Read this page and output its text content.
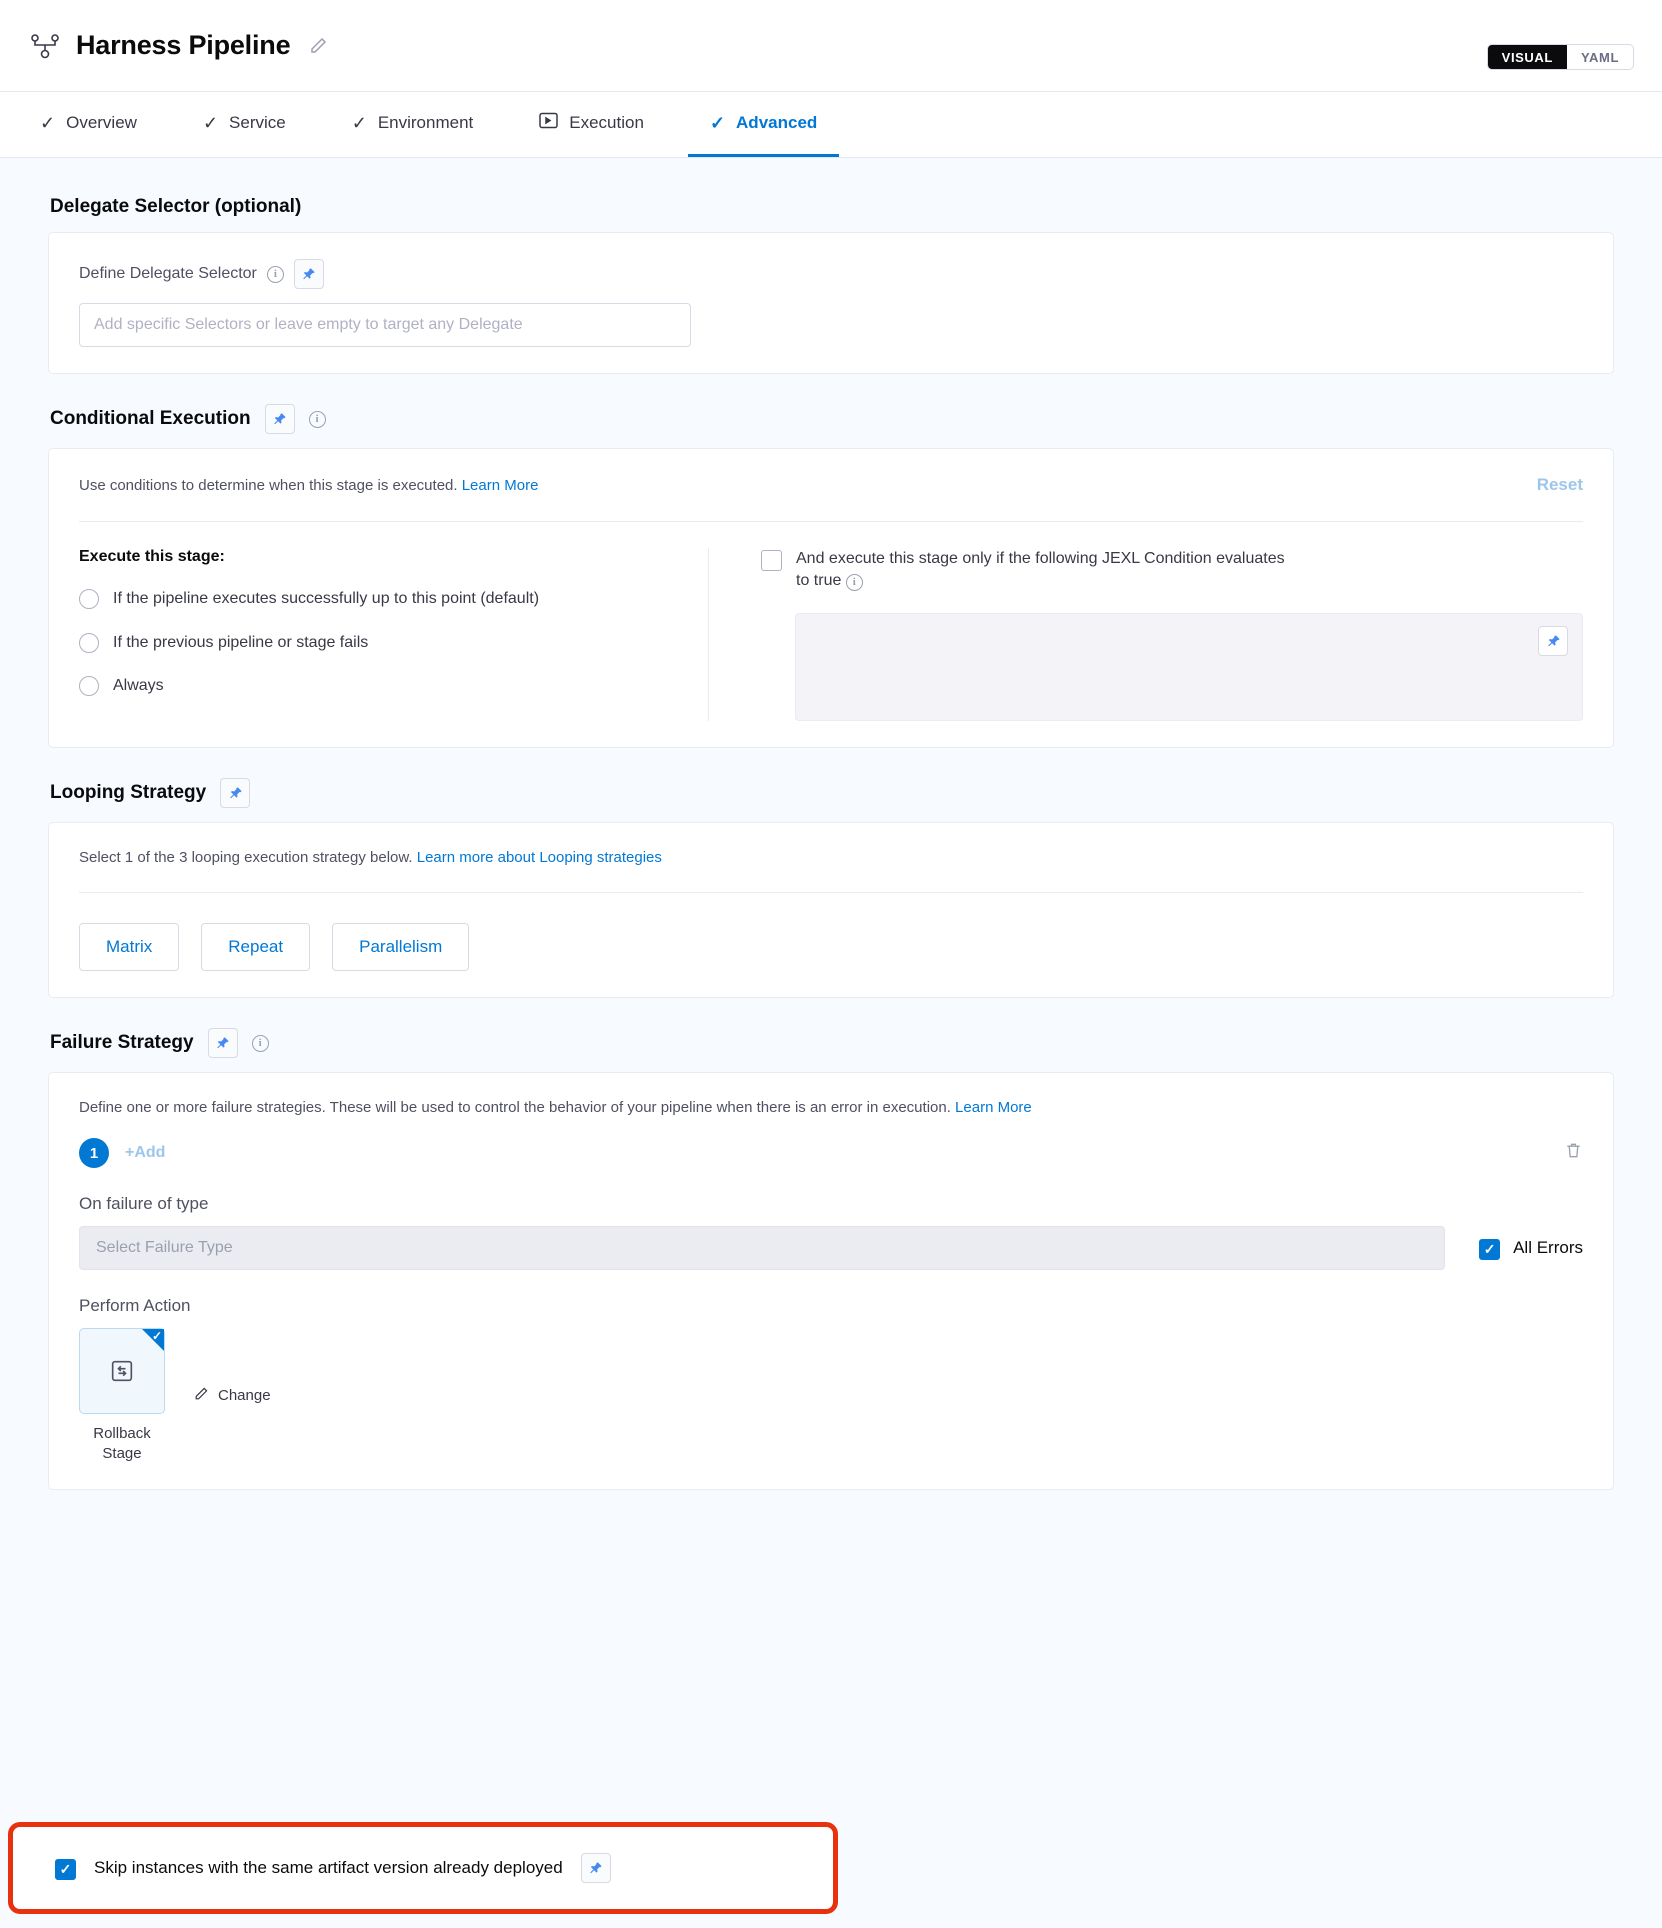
Harness Pipeline	VISUAL	YAML
✓ Overview	✓ Service	✓ Environment	Execution	✓ Advanced
Delegate Selector (optional)
Define Delegate Selector	i
Add specific Selectors or leave empty to target any Delegate
Conditional Execution	i
Use conditions to determine when this stage is executed. Learn More	Reset
Execute this stage:
If the pipeline executes successfully up to this point (default)
If the previous pipeline or stage fails
Always
And execute this stage only if the following JEXL Condition evaluates to true i
Looping Strategy
Select 1 of the 3 looping execution strategy below. Learn more about Looping strategies
Matrix	Repeat	Parallelism
Failure Strategy	i
Define one or more failure strategies. These will be used to control the behavior of your pipeline when there is an error in execution. Learn More
1	+Add
On failure of type
Select Failure Type	✓ All Errors
Perform Action
✓
Rollback Stage
Change
✓ Skip instances with the same artifact version already deployed
